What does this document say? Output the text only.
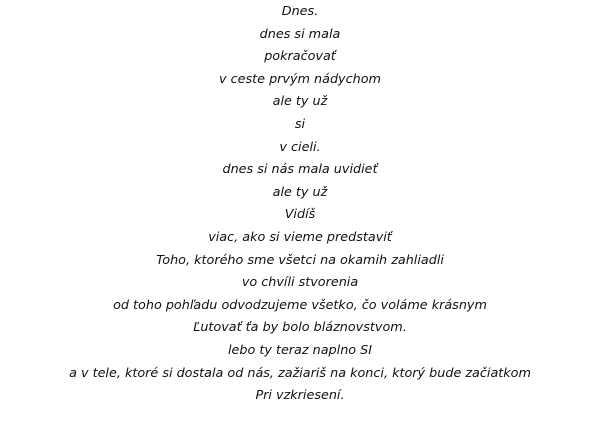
Dnes.
dnes si mala
pokračovať
v ceste prvým nádychom
ale ty už
si
v cieli.
dnes si nás mala uvidieť
ale ty už
Vidíš
viac, ako si vieme predstaviť
Toho, ktorého sme všetci na okamih zahliadli
vo chvíli stvorenia
od toho pohľadu odvodzujeme všetko, čo voláme krásnym
Ľutovať ťa by bolo bláznovstvom.
lebo ty teraz naplno SI
a v tele, ktoré si dostala od nás, zažiariš na konci, ktorý bude začiatkom
Pri vzkriesení.
